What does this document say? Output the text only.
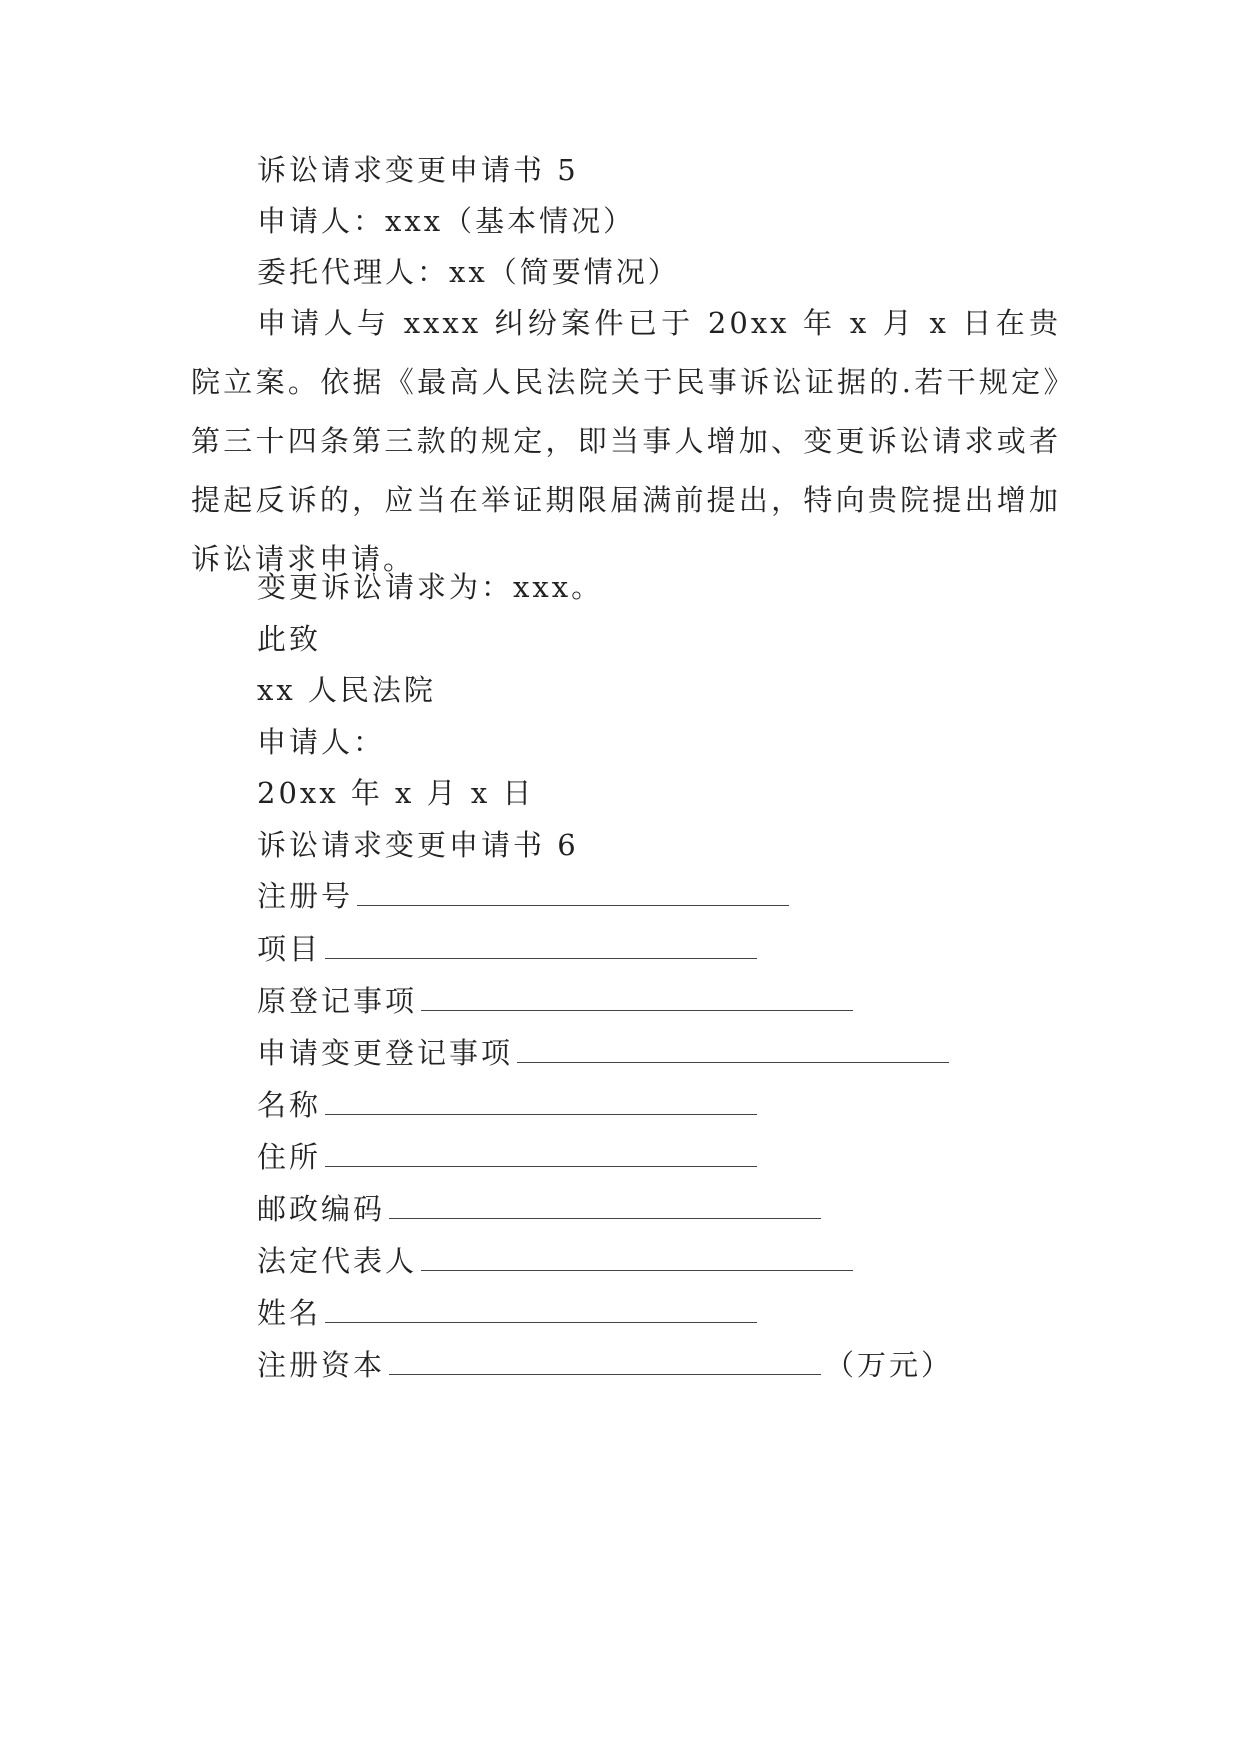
诉讼请求变更申请书 5
申请人：xxx（基本情况）
委托代理人：xx（简要情况）

申请人与 xxxx 纠纷案件已于 20xx 年 x 月 x 日在贵院立案。依据《最高人民法院关于民事诉讼证据的.若干规定》第三十四条第三款的规定，即当事人增加、变更诉讼请求或者提起反诉的，应当在举证期限届满前提出，特向贵院提出增加诉讼请求申请。

变更诉讼请求为：xxx。
此致
xx 人民法院
申请人：
20xx 年 x 月 x 日
诉讼请求变更申请书 6
注册号
项目
原登记事项
申请变更登记事项
名称
住所
邮政编码
法定代表人
姓名
注册资本	（万元）
